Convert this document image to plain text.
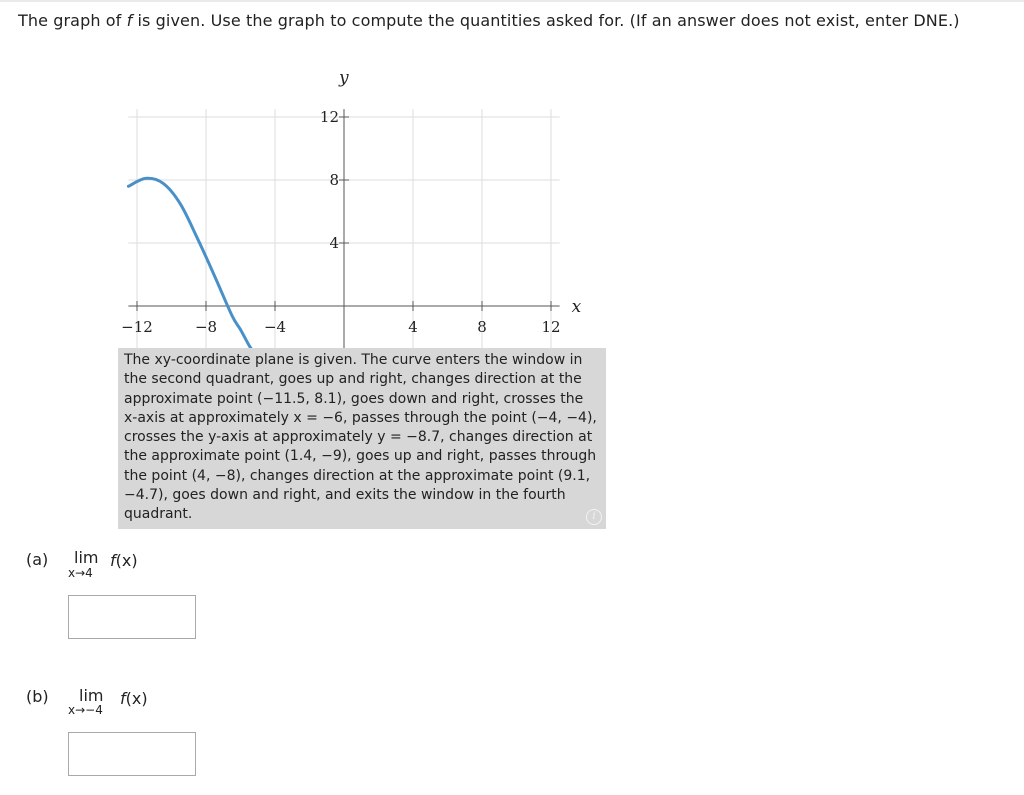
The graph of f is given. Use the graph to compute the quantities asked for. (If an answer does not exist, enter DNE.)
−12	−8	−4	4	8	12
4
8
12
x
y
The xy-coordinate plane is given. The curve enters the window in the second quadrant, goes up and right, changes direction at the approximate point (−11.5, 8.1), goes down and right, crosses the x-axis at approximately x = −6, passes through the point (−4, −4), crosses the y-axis at approximately y = −8.7, changes direction at the approximate point (1.4, −9), goes up and right, passes through the point (4, −8), changes direction at the approximate point (9.1, −4.7), goes down and right, and exits the window in the fourth quadrant.	i
(a) lim
x→4
f(x)
(b) lim
x→−4
f(x)
